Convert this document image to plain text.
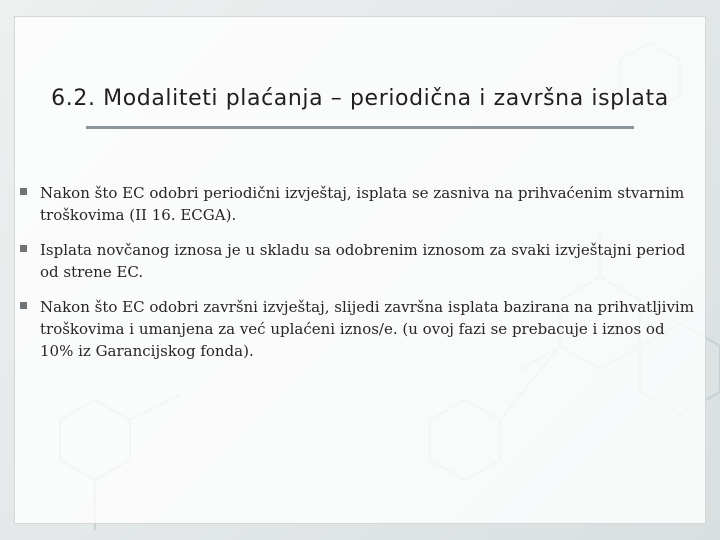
6.2. Modaliteti plaćanja – periodična i završna isplata
Nakon što EC odobri periodični izvještaj, isplata se zasniva na prihvaćenim stvarnim troškovima (II 16. ECGA).
Isplata novčanog iznosa je u skladu sa odobrenim iznosom za svaki izvještajni period od strene EC.
Nakon što EC odobri završni izvještaj, slijedi završna isplata bazirana na prihvatljivim troškovima i umanjena za već uplaćeni iznos/e. (u ovoj fazi se prebacuje i iznos od 10% iz Garancijskog fonda).
